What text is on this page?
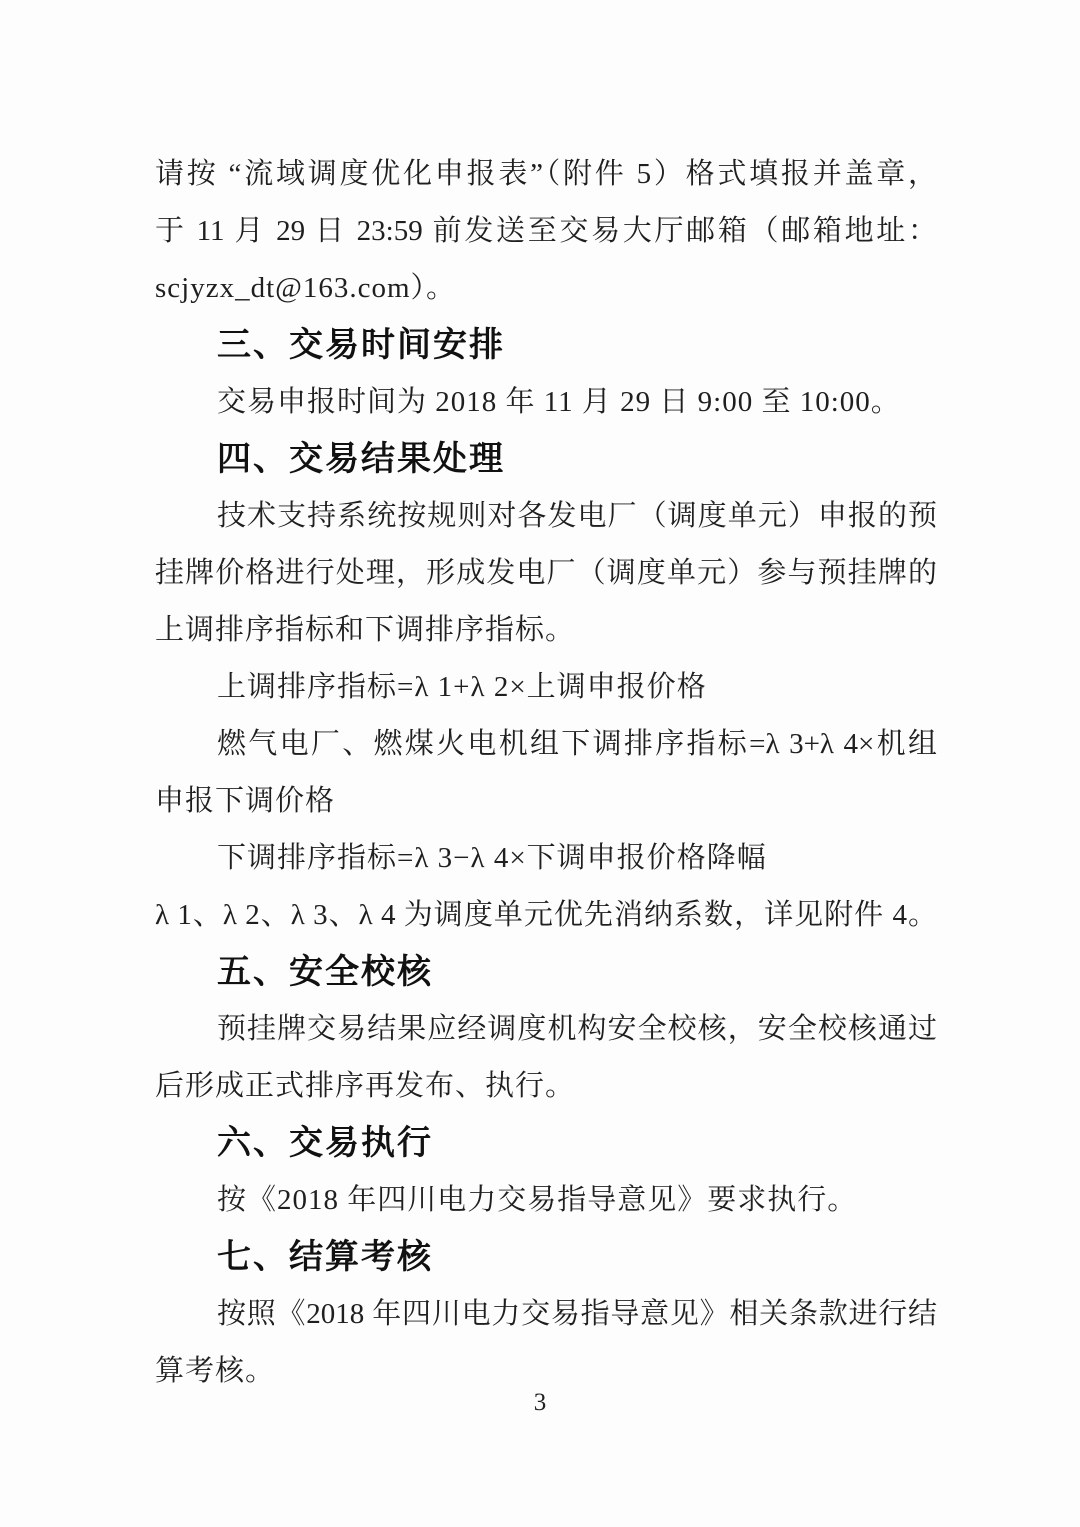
请按 “流域调度优化申报表”（附件 5）格式填报并盖章，
于 11 月 29 日 23:59 前发送至交易大厅邮箱（邮箱地址：
scjyzx_dt@163.com）。
三、交易时间安排
交易申报时间为 2018 年 11 月 29 日 9:00 至 10:00。
四、交易结果处理
技术支持系统按规则对各发电厂（调度单元）申报的预
挂牌价格进行处理，形成发电厂（调度单元）参与预挂牌的
上调排序指标和下调排序指标。
上调排序指标=λ 1+λ 2×上调申报价格
燃气电厂、燃煤火电机组下调排序指标=λ 3+λ 4×机组
申报下调价格
下调排序指标=λ 3−λ 4×下调申报价格降幅
λ 1、λ 2、λ 3、λ 4 为调度单元优先消纳系数，详见附件 4。
五、安全校核
预挂牌交易结果应经调度机构安全校核，安全校核通过
后形成正式排序再发布、执行。
六、交易执行
按《2018 年四川电力交易指导意见》要求执行。
七、结算考核
按照《2018 年四川电力交易指导意见》相关条款进行结
算考核。
3
